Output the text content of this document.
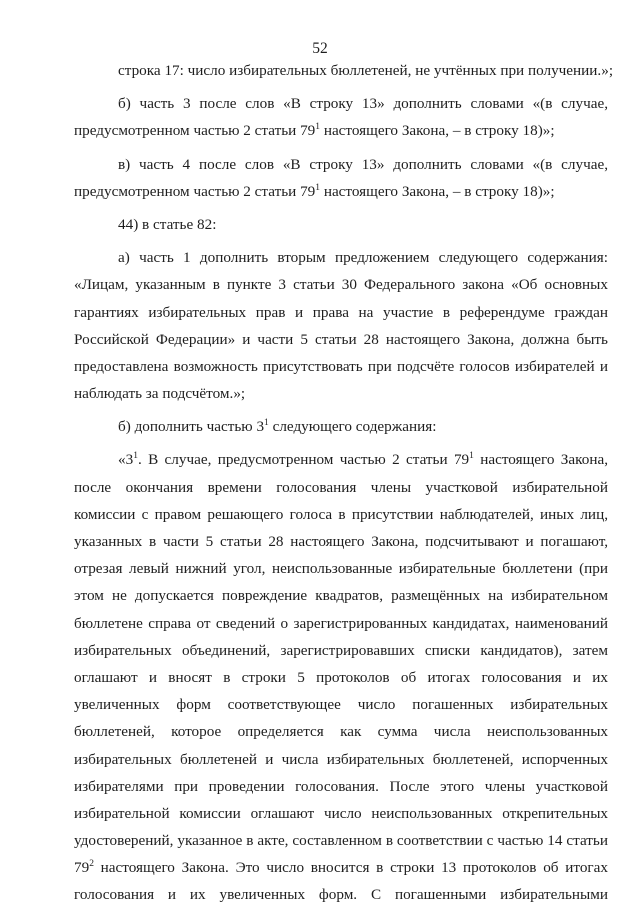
52
строка 17: число избирательных бюллетеней, не учтённых при получении.»;
б) часть 3 после слов «В строку 13» дополнить словами «(в случае,
предусмотренном частью 2 статьи $79^1$ настоящего Закона, – в строку 18)»;
в) часть 4 после слов «В строку 13» дополнить словами «(в случае,
предусмотренном частью 2 статьи $79^1$ настоящего Закона, – в строку 18)»;
44) в статье 82:
а) часть 1 дополнить вторым предложением следующего содержания:
«Лицам, указанным в пункте 3 статьи 30 Федерального закона «Об основных
гарантиях избирательных прав и права на участие в референдуме граждан
Российской Федерации» и части 5 статьи 28 настоящего Закона, должна быть
предоставлена возможность присутствовать при подсчёте голосов избирателей и
наблюдать за подсчётом.»;
б) дополнить частью $3^1$ следующего содержания:
«$3^1$. В случае, предусмотренном частью 2 статьи $79^1$ настоящего Закона,
после окончания времени голосования члены участковой избирательной
комиссии с правом решающего голоса в присутствии наблюдателей, иных лиц,
указанных в части 5 статьи 28 настоящего Закона, подсчитывают и погашают,
отрезая левый нижний угол, неиспользованные избирательные бюллетени (при
этом не допускается повреждение квадратов, размещённых на избирательном
бюллетене справа от сведений о зарегистрированных кандидатах, наименований
избирательных объединений, зарегистрировавших списки кандидатов), затем
оглашают и вносят в строки 5 протоколов об итогах голосования и их
увеличенных форм соответствующее число погашенных избирательных
бюллетеней, которое определяется как сумма числа неиспользованных
избирательных бюллетеней и числа избирательных бюллетеней, испорченных
избирателями при проведении голосования. После этого члены участковой
избирательной комиссии оглашают число неиспользованных открепительных
удостоверений, указанное в акте, составленном в соответствии с частью 14 статьи
$79^2$ настоящего Закона. Это число вносится в строки 13 протоколов об итогах
голосования и их увеличенных форм. С погашенными избирательными
